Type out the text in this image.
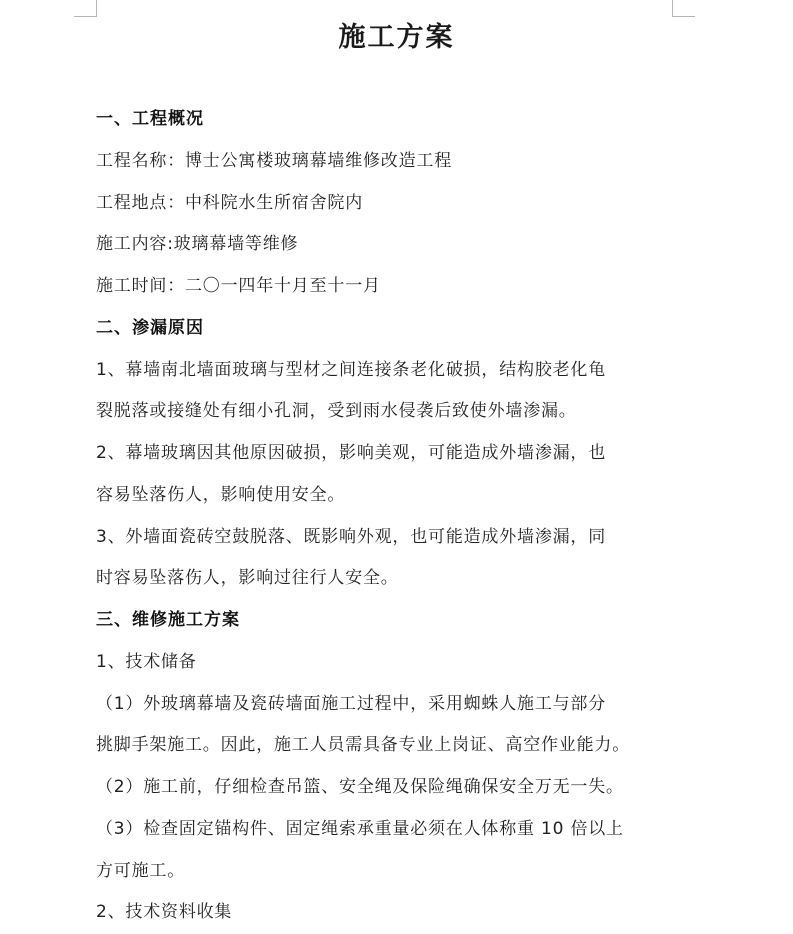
施工方案
一、工程概况
工程名称：博士公寓楼玻璃幕墙维修改造工程
工程地点：中科院水生所宿舍院内
施工内容:玻璃幕墙等维修
施工时间：二〇一四年十月至十一月
二、渗漏原因
1、幕墙南北墙面玻璃与型材之间连接条老化破损，结构胶老化龟
裂脱落或接缝处有细小孔洞，受到雨水侵袭后致使外墙渗漏。
2、幕墙玻璃因其他原因破损，影响美观，可能造成外墙渗漏，也
容易坠落伤人，影响使用安全。
3、外墙面瓷砖空鼓脱落、既影响外观，也可能造成外墙渗漏，同
时容易坠落伤人，影响过往行人安全。
三、维修施工方案
1、技术储备
（1）外玻璃幕墙及瓷砖墙面施工过程中，采用蜘蛛人施工与部分
挑脚手架施工。因此，施工人员需具备专业上岗证、高空作业能力。
（2）施工前，仔细检查吊篮、安全绳及保险绳确保安全万无一失。
（3）检查固定锚构件、固定绳索承重量必须在人体称重 10 倍以上
方可施工。
2、技术资料收集
